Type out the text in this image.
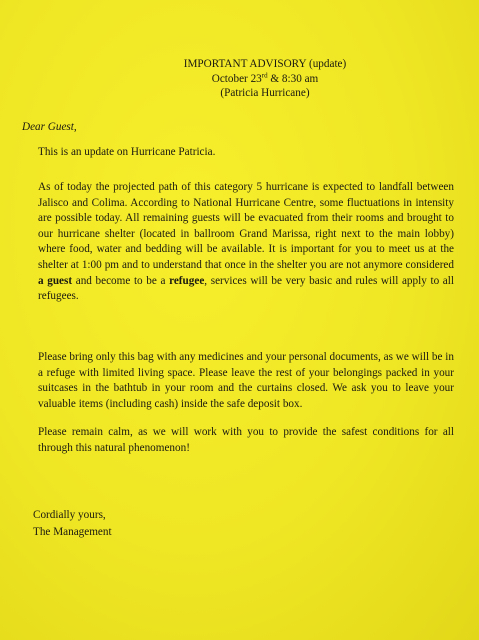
IMPORTANT ADVISORY (update)
October 23rd & 8:30 am
(Patricia Hurricane)
Dear Guest,
This is an update on Hurricane Patricia.
As of today the projected path of this category 5 hurricane is expected to landfall between Jalisco and Colima. According to National Hurricane Centre, some fluctuations in intensity are possible today. All remaining guests will be evacuated from their rooms and brought to our hurricane shelter (located in ballroom Grand Marissa, right next to the main lobby) where food, water and bedding will be available. It is important for you to meet us at the shelter at 1:00 pm and to understand that once in the shelter you are not anymore considered a guest and become to be a refugee, services will be very basic and rules will apply to all refugees.
Please bring only this bag with any medicines and your personal documents, as we will be in a refuge with limited living space. Please leave the rest of your belongings packed in your suitcases in the bathtub in your room and the curtains closed. We ask you to leave your valuable items (including cash) inside the safe deposit box.
Please remain calm, as we will work with you to provide the safest conditions for all through this natural phenomenon!
Cordially yours,
The Management
